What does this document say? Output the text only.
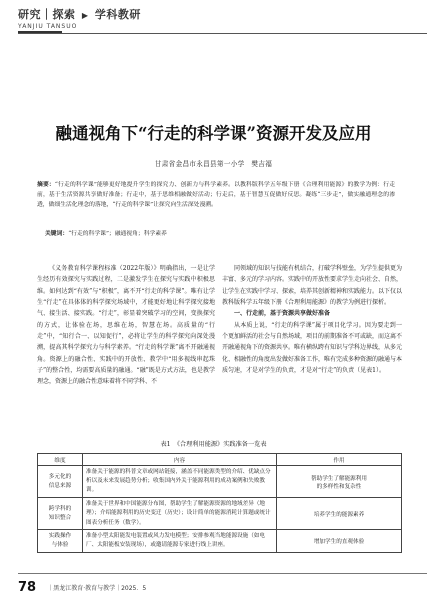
研究｜探索 ▶ 学科教研
YANJIU TANSUO
融通视角下“行走的科学课”资源开发及应用
甘肃省金昌市永昌县第一小学　樊吉福
摘要：“行走的科学课”能够更好地提升学生的探究力、创新力与科学素养。以教科版科学五年级下册《合理利用能源》的教学为例：行走前，基于生活资源共享做好准备；行走中，基于思维相融做好活动；行走后，基于智慧互促做好反思。凝练“三步走”，做实融通理念的渗透，做细生活化理念的落地，“行走的科学课”让探究向生活深处漫溯。
关键词：“行走的科学课”；融通视角；科学素养

《义务教育科学课程标准（2022年版）》明确指出，一是让学生经历有效探究与实践过程，二是激发学生在探究与实践中积极思维。如何达到“有效”与“积极”，离不开“行走的科学课”。唯有让学生“行走”在具体体的科学探究场域中，才能更好地让科学探究接地气、接生活、接实践。“行走”，彰显着突破学习的空间，变换探究的方式，让体验在场，思维在场，智慧在场。高质量的“行走”中，“知行合一、以知促行”，必将让学生的科学探究向深处漫溯，提高其科学探究力与科学素养。“行走的科学课”离不开融通视角。资源上的融合性、实践中的开放性、教学中“用多视线串起珠子”的整合性，均需要高质量的融通。“融”既是方式方法，也是教学理念，资源上的融合性意味着将不同学科、不

同领域的知识与技能有机结合，打破学科壁垒，为学生提供更为丰富、多元的学习内容。实践中的开放性要求学生走向社会、自然，让学生在实践中学习、探索，培养其创新精神和实践能力。以下仅以教科版科学五年级下册《合理利用能源》的教学为例进行探析。

一、行走前，基于资源共享做好准备

从本质上说，“行走的科学课”属于项目化学习。因为要走到一个更加鲜活的社会与自然场域，项目的前期准备不可或缺，而这离不开融通视角下的资源共享。唯有横纵跨有知识与学科边界线，从多元化、相融性的角度出发做好准备工作，唯有完成多种资源的融通与本质匀速，才是对学生的负责，才是对“行走”的负责（见表1）。

表1　《合理利用能源》实践准备一览表
维度	内容	作用
多元化的
信息来源	准备关于能源的科普文章或网站链接，涵盖不同能源类型的介绍、优缺点分析以及未来发展趋势分析；收集国内外关于能源利用的成功案例和失败教训。	帮助学生了解能源利用
的多样性和复杂性
跨学科的
知识整合	准备关于世界和中国能源分布图，帮助学生了解能源资源的地域差异（地理）；介绍能源利用的历史变迁（历史）；设计简单的能源消耗计算题或统计图表分析任务（数学）。	培养学生的能源素养
实践操作
与体验	准备小型太阳能发电装置或风力发电模型；安排参观当地能源设施（如电厂、太阳能板安装现场），或邀请能源专家进行线上讲座。	增加学生的直观体验
78 ｜黑龙江教育·教育与教学｜2025．5
